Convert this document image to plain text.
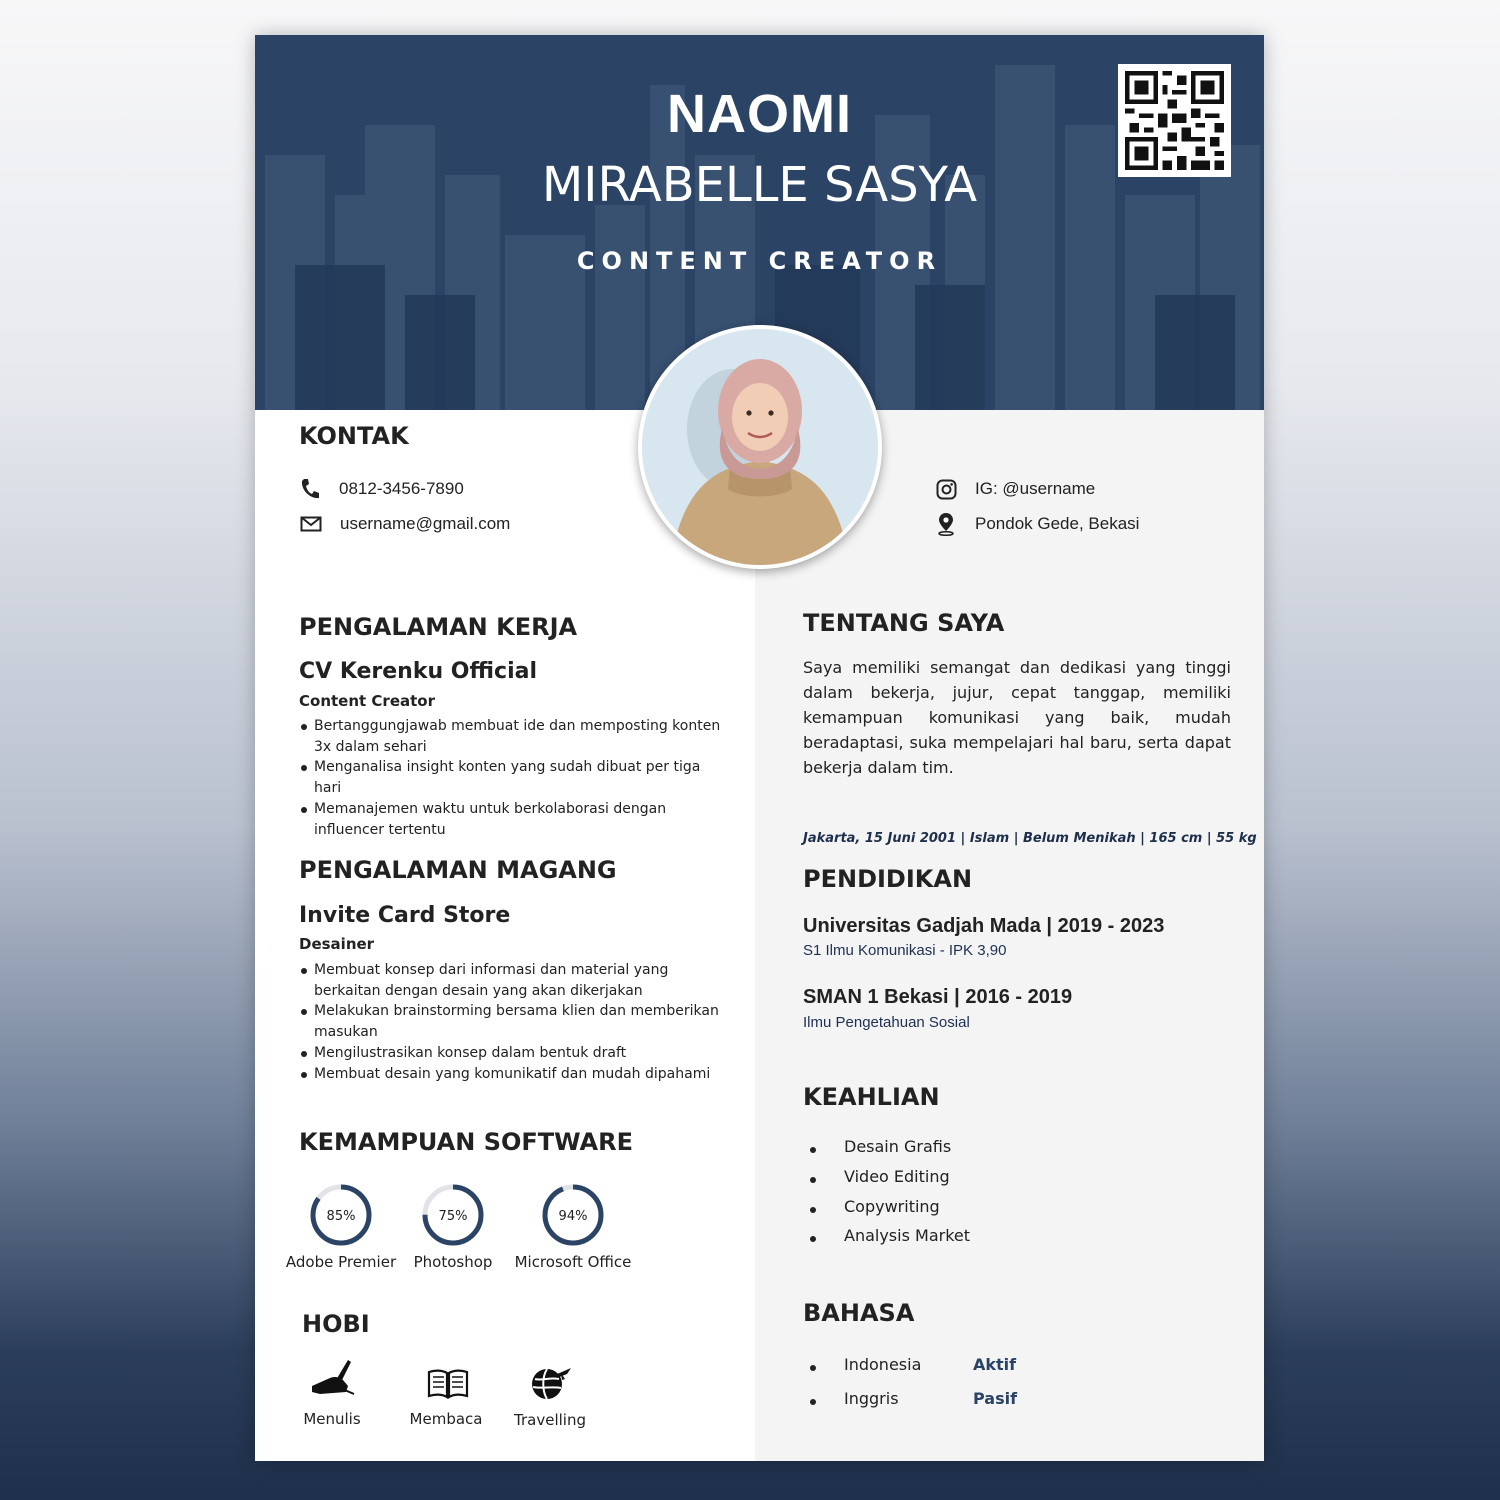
NAOMI
MIRABELLE SASYA
CONTENT CREATOR
KONTAK
0812-3456-7890
username@gmail.com
IG: @username
Pondok Gede, Bekasi
PENGALAMAN KERJA
CV Kerenku Official
Content Creator
Bertanggungjawab membuat ide dan memposting konten 3x dalam sehari
Menganalisa insight konten yang sudah dibuat per tiga hari
Memanajemen waktu untuk berkolaborasi dengan influencer tertentu
PENGALAMAN MAGANG
Invite Card Store
Desainer
Membuat konsep dari informasi dan material yang berkaitan dengan desain yang akan dikerjakan
Melakukan brainstorming bersama klien dan memberikan masukan
Mengilustrasikan konsep dalam bentuk draft
Membuat desain yang komunikatif dan mudah dipahami
KEMAMPUAN SOFTWARE
85%
Adobe Premier
75%
Photoshop
94%
Microsoft Office
HOBI
Menulis	Membaca	Travelling
TENTANG SAYA
Saya memiliki semangat dan dedikasi yang tinggi dalam bekerja, jujur, cepat tanggap, memiliki kemampuan komunikasi yang baik, mudah beradaptasi, suka mempelajari hal baru, serta dapat bekerja dalam tim.
Jakarta, 15 Juni 2001 | Islam | Belum Menikah | 165 cm | 55 kg
PENDIDIKAN
Universitas Gadjah Mada | 2019 - 2023
S1 Ilmu Komunikasi - IPK 3,90
SMAN 1 Bekasi | 2016 - 2019
Ilmu Pengetahuan Sosial
KEAHLIAN
Desain Grafis
Video Editing
Copywriting
Analysis Market
BAHASA
Indonesia	Aktif
Inggris	Pasif
